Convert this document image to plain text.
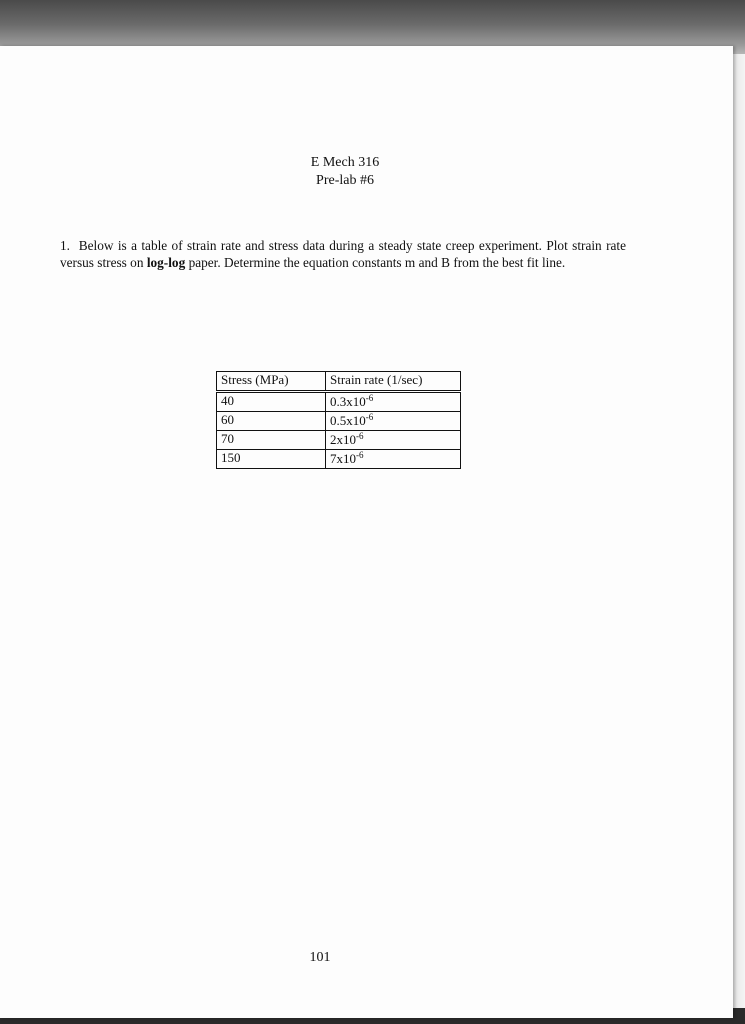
E Mech 316
Pre-lab #6
1. Below is a table of strain rate and stress data during a steady state creep experiment. Plot strain rate versus stress on log-log paper. Determine the equation constants m and B from the best fit line.
Stress (MPa)	Strain rate (1/sec)
40	$0.3x10^{-6}$
60	$0.5x10^{-6}$
70	$2x10^{-6}$
150	$7x10^{-6}$
101
